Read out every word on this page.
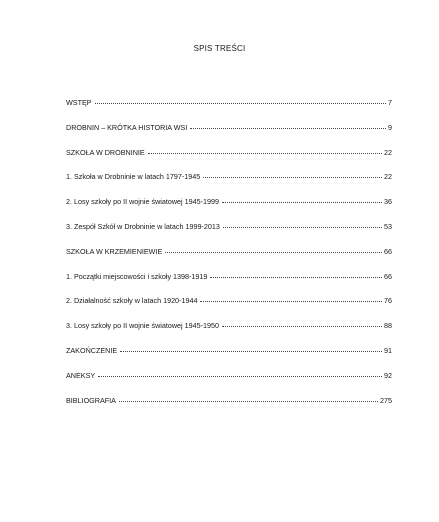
SPIS TREŚCI
WSTĘP	7
DROBNIN – KRÓTKA HISTORIA WSI	9
SZKOŁA W DROBNINIE	22
1. Szkoła w Drobninie w latach 1797-1945	22
2. Losy szkoły po II wojnie światowej 1945-1999	36
3. Zespół Szkół w Drobninie w latach 1999-2013	53
SZKOŁA W KRZEMIENIEWIE	66
1. Początki miejscowości i szkoły 1398-1919	66
2. Działalność szkoły w latach 1920-1944	76
3. Losy szkoły po II wojnie światowej 1945-1950	88
ZAKOŃCZENIE	91
ANEKSY	92
BIBLIOGRAFIA	275
